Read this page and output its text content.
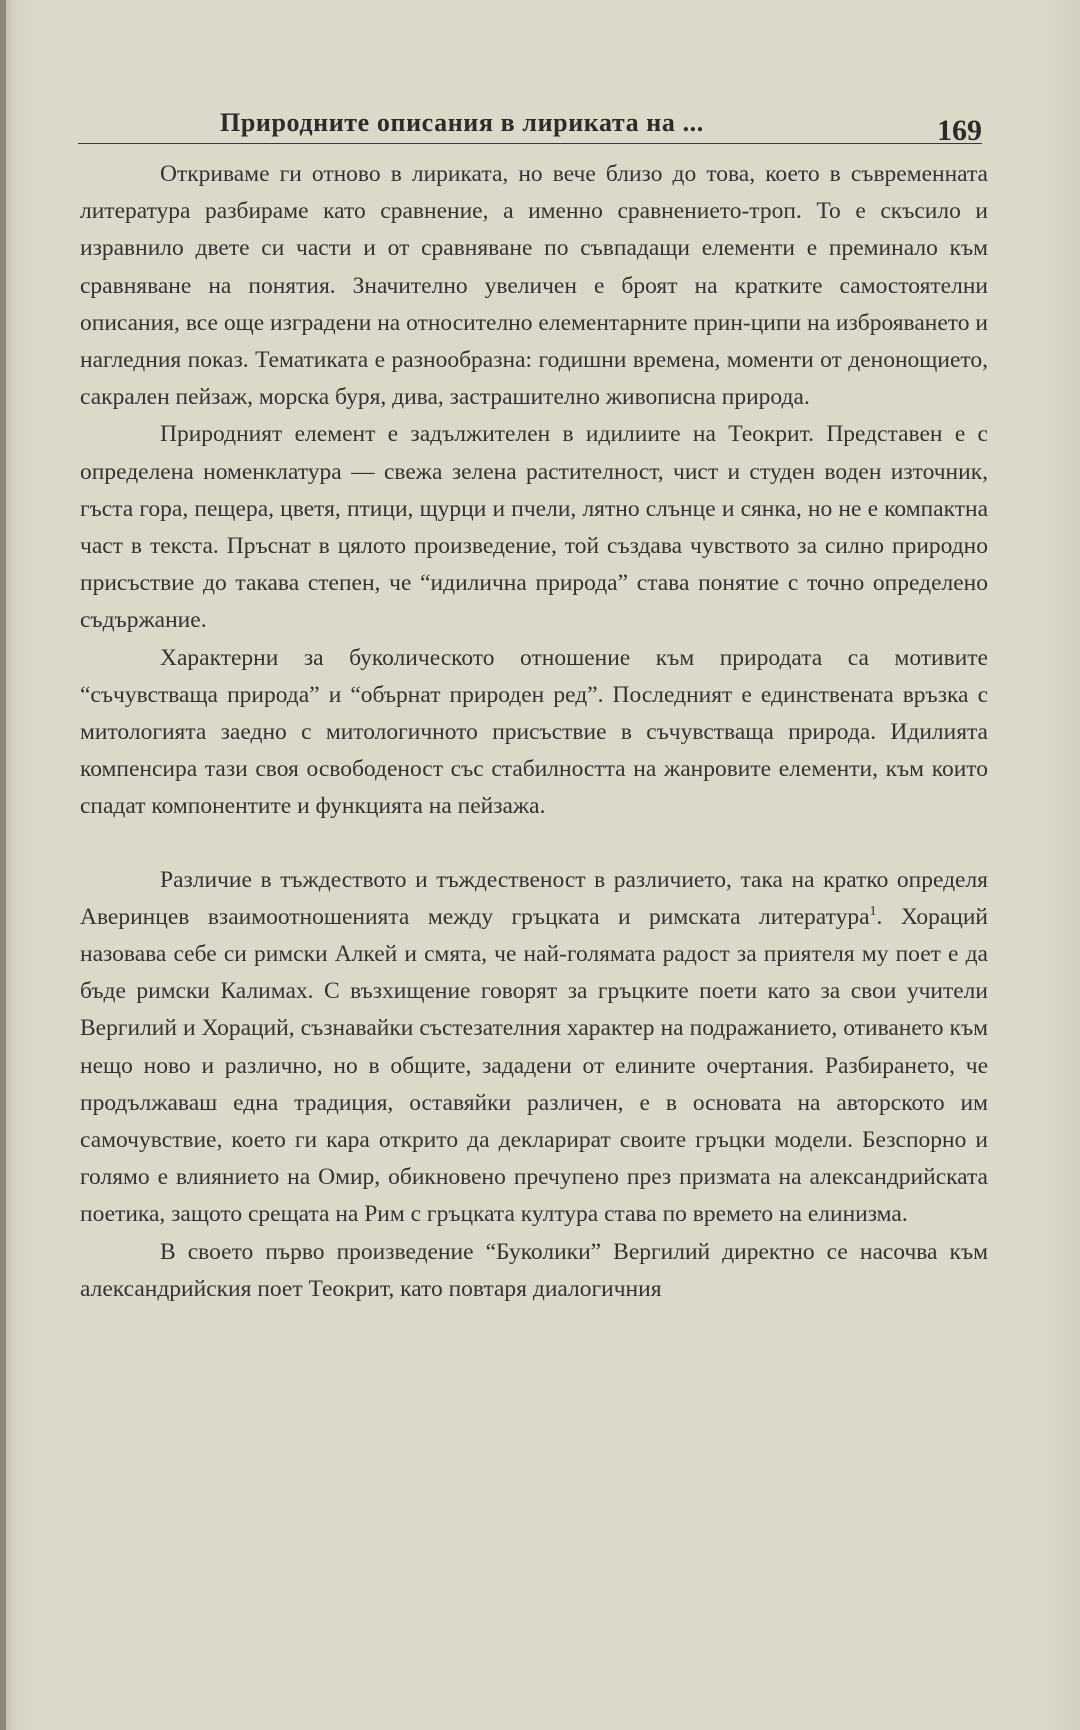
Природните описания в лириката на ...	169

Откриваме ги отново в лириката, но вече близо до това, което в съвременната литература разбираме като сравнение, а именно сравнението-троп. То е скъсило и изравнило двете си части и от сравняване по съвпадащи елементи е преминало към сравняване на понятия. Значително увеличен е броят на кратките самостоятелни описания, все още изградени на относително елементарните прин-ципи на изброяването и нагледния показ. Тематиката е разнообразна: годишни времена, моменти от денонощието, сакрален пейзаж, морска буря, дива, застрашително живописна природа.

Природният елемент е задължителен в идилиите на Теокрит. Представен е с определена номенклатура — свежа зелена растителност, чист и студен воден източник, гъста гора, пещера, цветя, птици, щурци и пчели, лятно слънце и сянка, но не е компактна част в текста. Пръснат в цялото произведение, той създава чувството за силно природно присъствие до такава степен, че “идилична природа” става понятие с точно определено съдържание.

Характерни за буколическото отношение към природата са мотивите “съчувстваща природа” и “обърнат природен ред”. Последният е единствената връзка с митологията заедно с митологичното присъствие в съчувстваща природа. Идилията компенсира тази своя освободеност със стабилността на жанровите елементи, към които спадат компонентите и функцията на пейзажа.

Различие в тъждеството и тъждественост в различието, така на кратко определя Аверинцев взаимоотношенията между гръцката и римската литература$^1$. Хораций назовава себе си римски Алкей и смята, че най-голямата радост за приятеля му поет е да бъде римски Калимах. С възхищение говорят за гръцките поети като за свои учители Вергилий и Хораций, съзнавайки състезателния характер на подражанието, отиването към нещо ново и различно, но в общите, зададени от елините очертания. Разбирането, че продължаваш една традиция, оставяйки различен, е в основата на авторското им самочувствие, което ги кара открито да декларират своите гръцки модели. Безспорно и голямо е влиянието на Омир, обикновено пречупено през призмата на александрийската поетика, защото срещата на Рим с гръцката култура става по времето на елинизма.

В своето първо произведение “Буколики” Вергилий директно се насочва към александрийския поет Теокрит, като повтаря диалогичния
